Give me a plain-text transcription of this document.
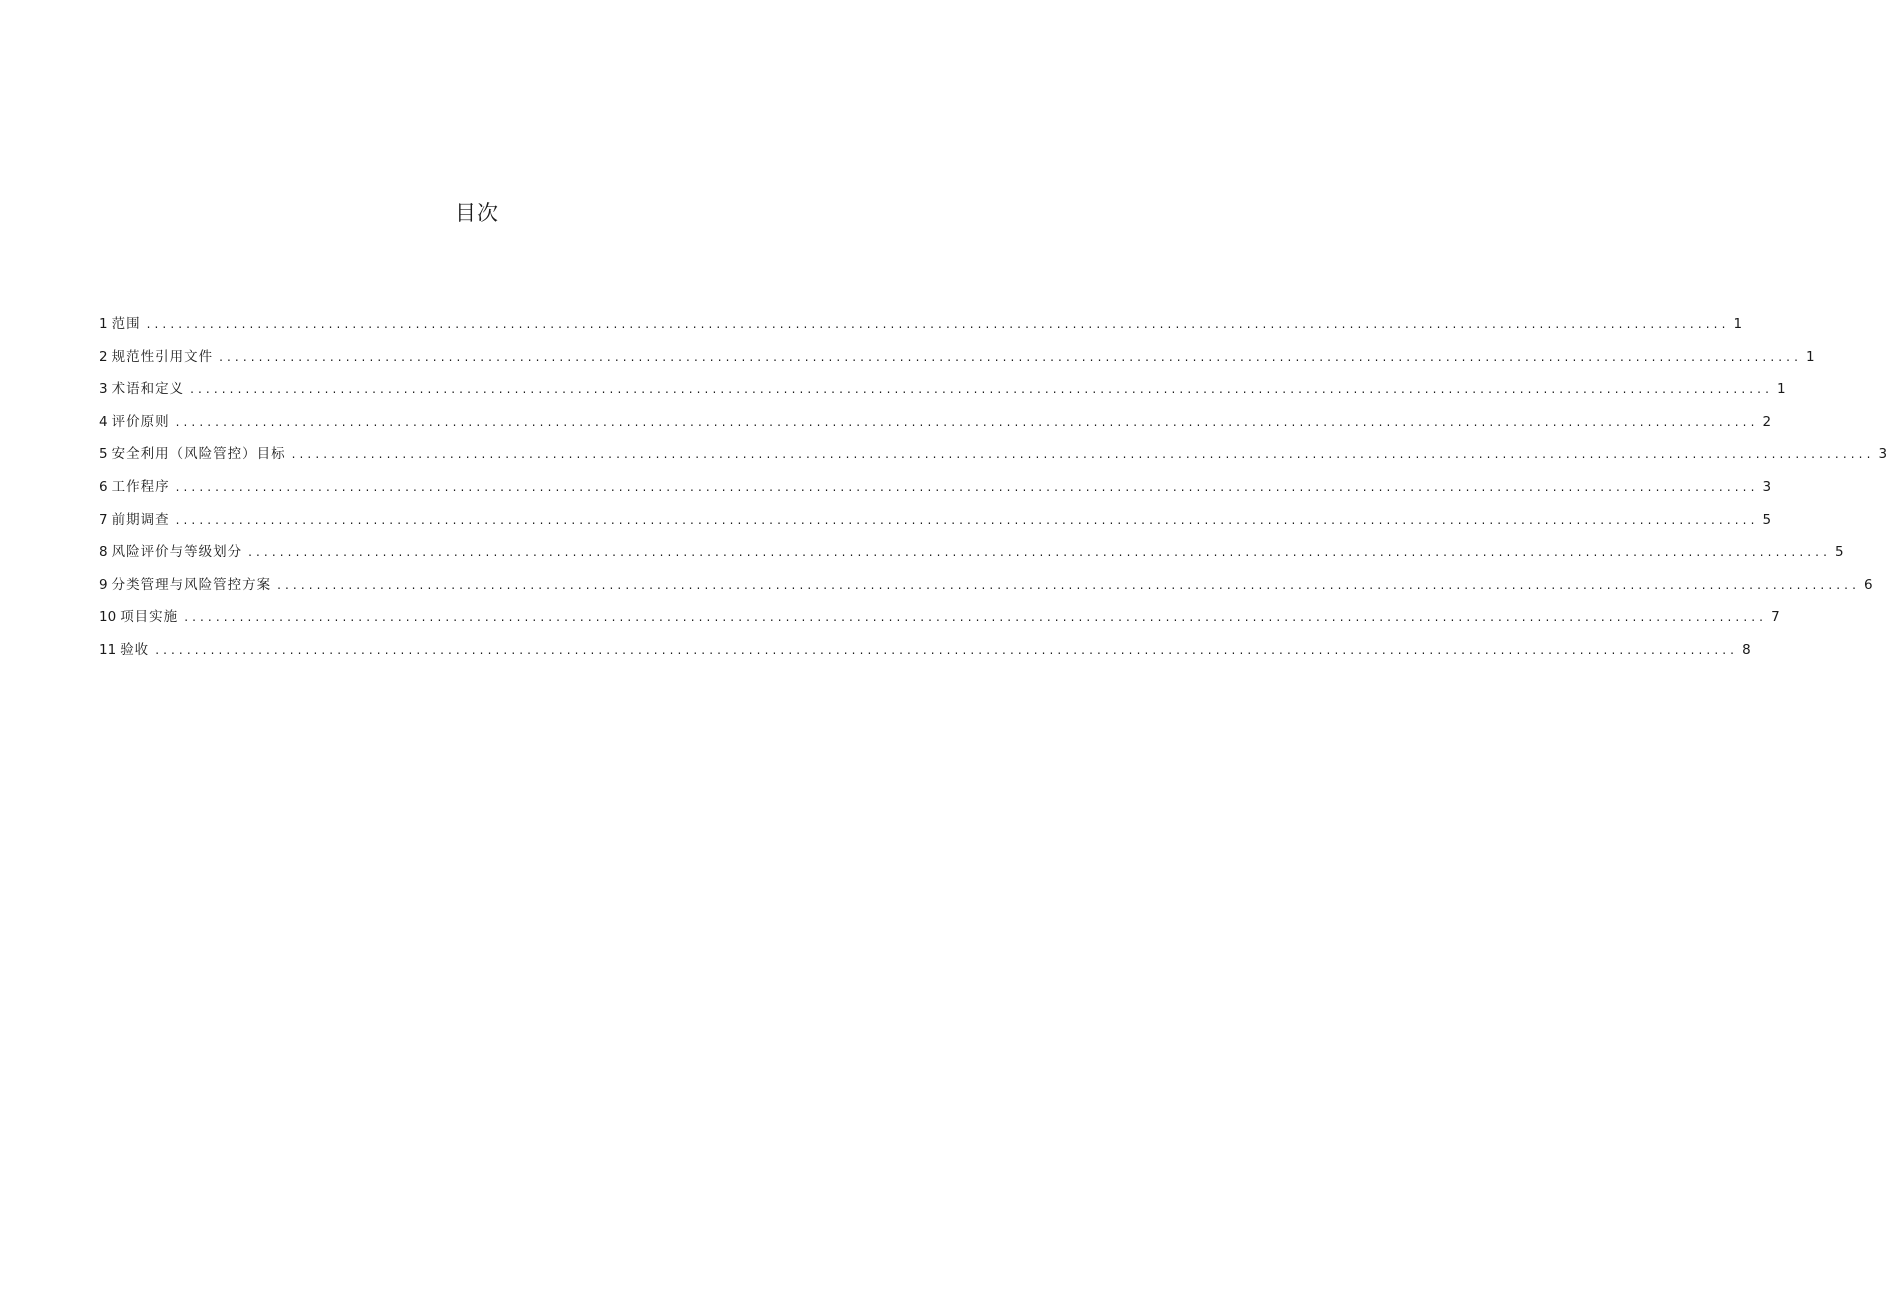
目次
1 范围 ........................................................................................................................................................................................................ 1
2 规范性引用文件 ........................................................................................................................................................................................................ 1
3 术语和定义 ........................................................................................................................................................................................................ 1
4 评价原则 ........................................................................................................................................................................................................ 2
5 安全利用（风险管控）目标 ........................................................................................................................................................................................................ 3
6 工作程序 ........................................................................................................................................................................................................ 3
7 前期调查 ........................................................................................................................................................................................................ 5
8 风险评价与等级划分 ........................................................................................................................................................................................................ 5
9 分类管理与风险管控方案 ........................................................................................................................................................................................................ 6
10 项目实施 ........................................................................................................................................................................................................ 7
11 验收 ........................................................................................................................................................................................................ 8
